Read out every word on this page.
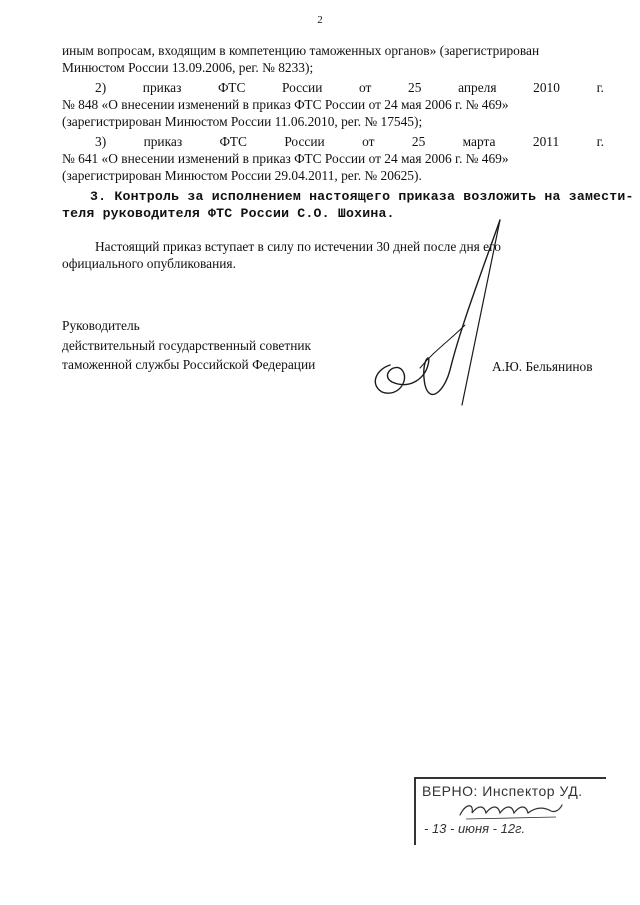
2
иным вопросам, входящим в компетенцию таможенных органов» (зарегистрирован
Минюстом России 13.09.2006, рег. № 8233);
2)	приказ	ФТС	России	от	25	апреля	2010	г.
№ 848 «О внесении изменений в приказ ФТС России от 24 мая 2006 г. № 469»
(зарегистрирован Минюстом России 11.06.2010, рег. № 17545);
3)	приказ	ФТС	России	от	25	марта	2011	г.
№ 641 «О внесении изменений в приказ ФТС России от 24 мая 2006 г. № 469»
(зарегистрирован Минюстом России 29.04.2011, рег. № 20625).
3. Контроль за исполнением настоящего приказа возложить на замести-
теля руководителя ФТС России С.О. Шохина.
Настоящий приказ вступает в силу по истечении 30 дней после дня его
официального опубликования.
Руководитель
действительный государственный советник
таможенной службы Российской Федерации	А.Ю. Бельянинов
ВЕРНО: Инспектор УД.
- 13 - июня - 12г.
